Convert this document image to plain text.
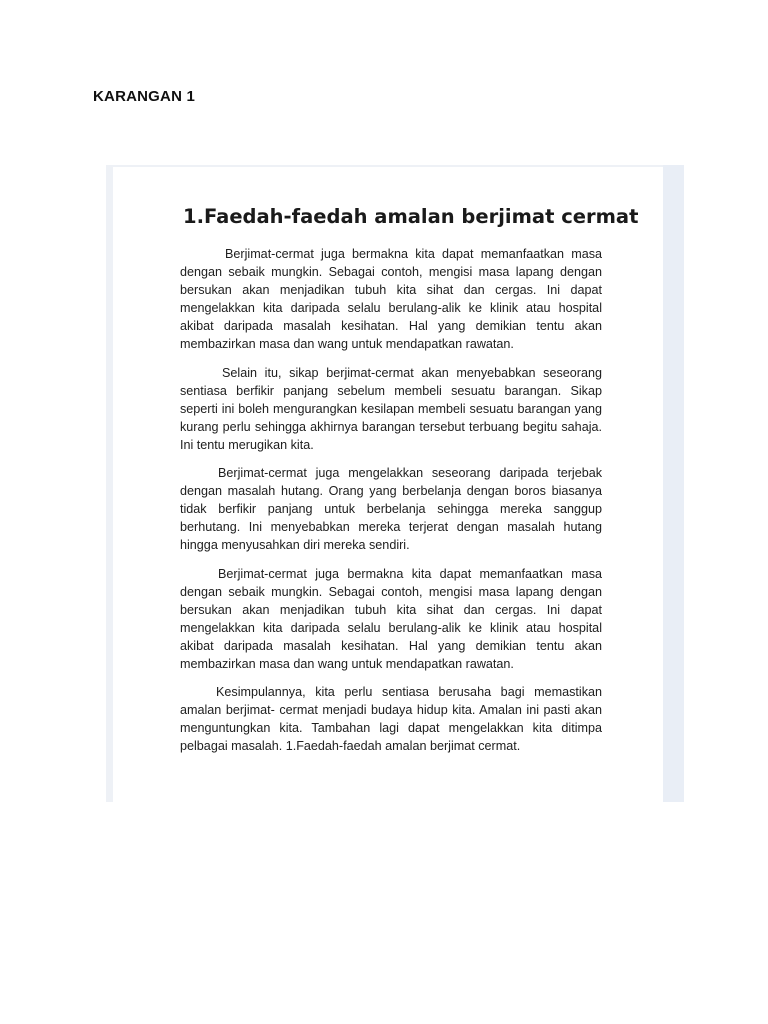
KARANGAN 1
1.Faedah-faedah amalan berjimat cermat

Berjimat-cermat juga bermakna kita dapat memanfaatkan masa dengan sebaik mungkin. Sebagai contoh, mengisi masa lapang dengan bersukan akan menjadikan tubuh kita sihat dan cergas. Ini dapat mengelakkan kita daripada selalu berulang-alik ke klinik atau hospital akibat daripada masalah kesihatan. Hal yang demikian tentu akan membazirkan masa dan wang untuk mendapatkan rawatan.

Selain itu, sikap berjimat-cermat akan menyebabkan seseorang sentiasa berfikir panjang sebelum membeli sesuatu barangan. Sikap seperti ini boleh mengurangkan kesilapan membeli sesuatu barangan yang kurang perlu sehingga akhirnya barangan tersebut terbuang begitu sahaja. Ini tentu merugikan kita.

Berjimat-cermat juga mengelakkan seseorang daripada terjebak dengan masalah hutang. Orang yang berbelanja dengan boros biasanya tidak berfikir panjang untuk berbelanja sehingga mereka sanggup berhutang. Ini menyebabkan mereka terjerat dengan masalah hutang hingga menyusahkan diri mereka sendiri.

Berjimat-cermat juga bermakna kita dapat memanfaatkan masa dengan sebaik mungkin. Sebagai contoh, mengisi masa lapang dengan bersukan akan menjadikan tubuh kita sihat dan cergas. Ini dapat mengelakkan kita daripada selalu berulang-alik ke klinik atau hospital akibat daripada masalah kesihatan. Hal yang demikian tentu akan membazirkan masa dan wang untuk mendapatkan rawatan.

Kesimpulannya, kita perlu sentiasa berusaha bagi memastikan amalan berjimat- cermat menjadi budaya hidup kita. Amalan ini pasti akan menguntungkan kita. Tambahan lagi dapat mengelakkan kita ditimpa pelbagai masalah. 1.Faedah-faedah amalan berjimat cermat.
